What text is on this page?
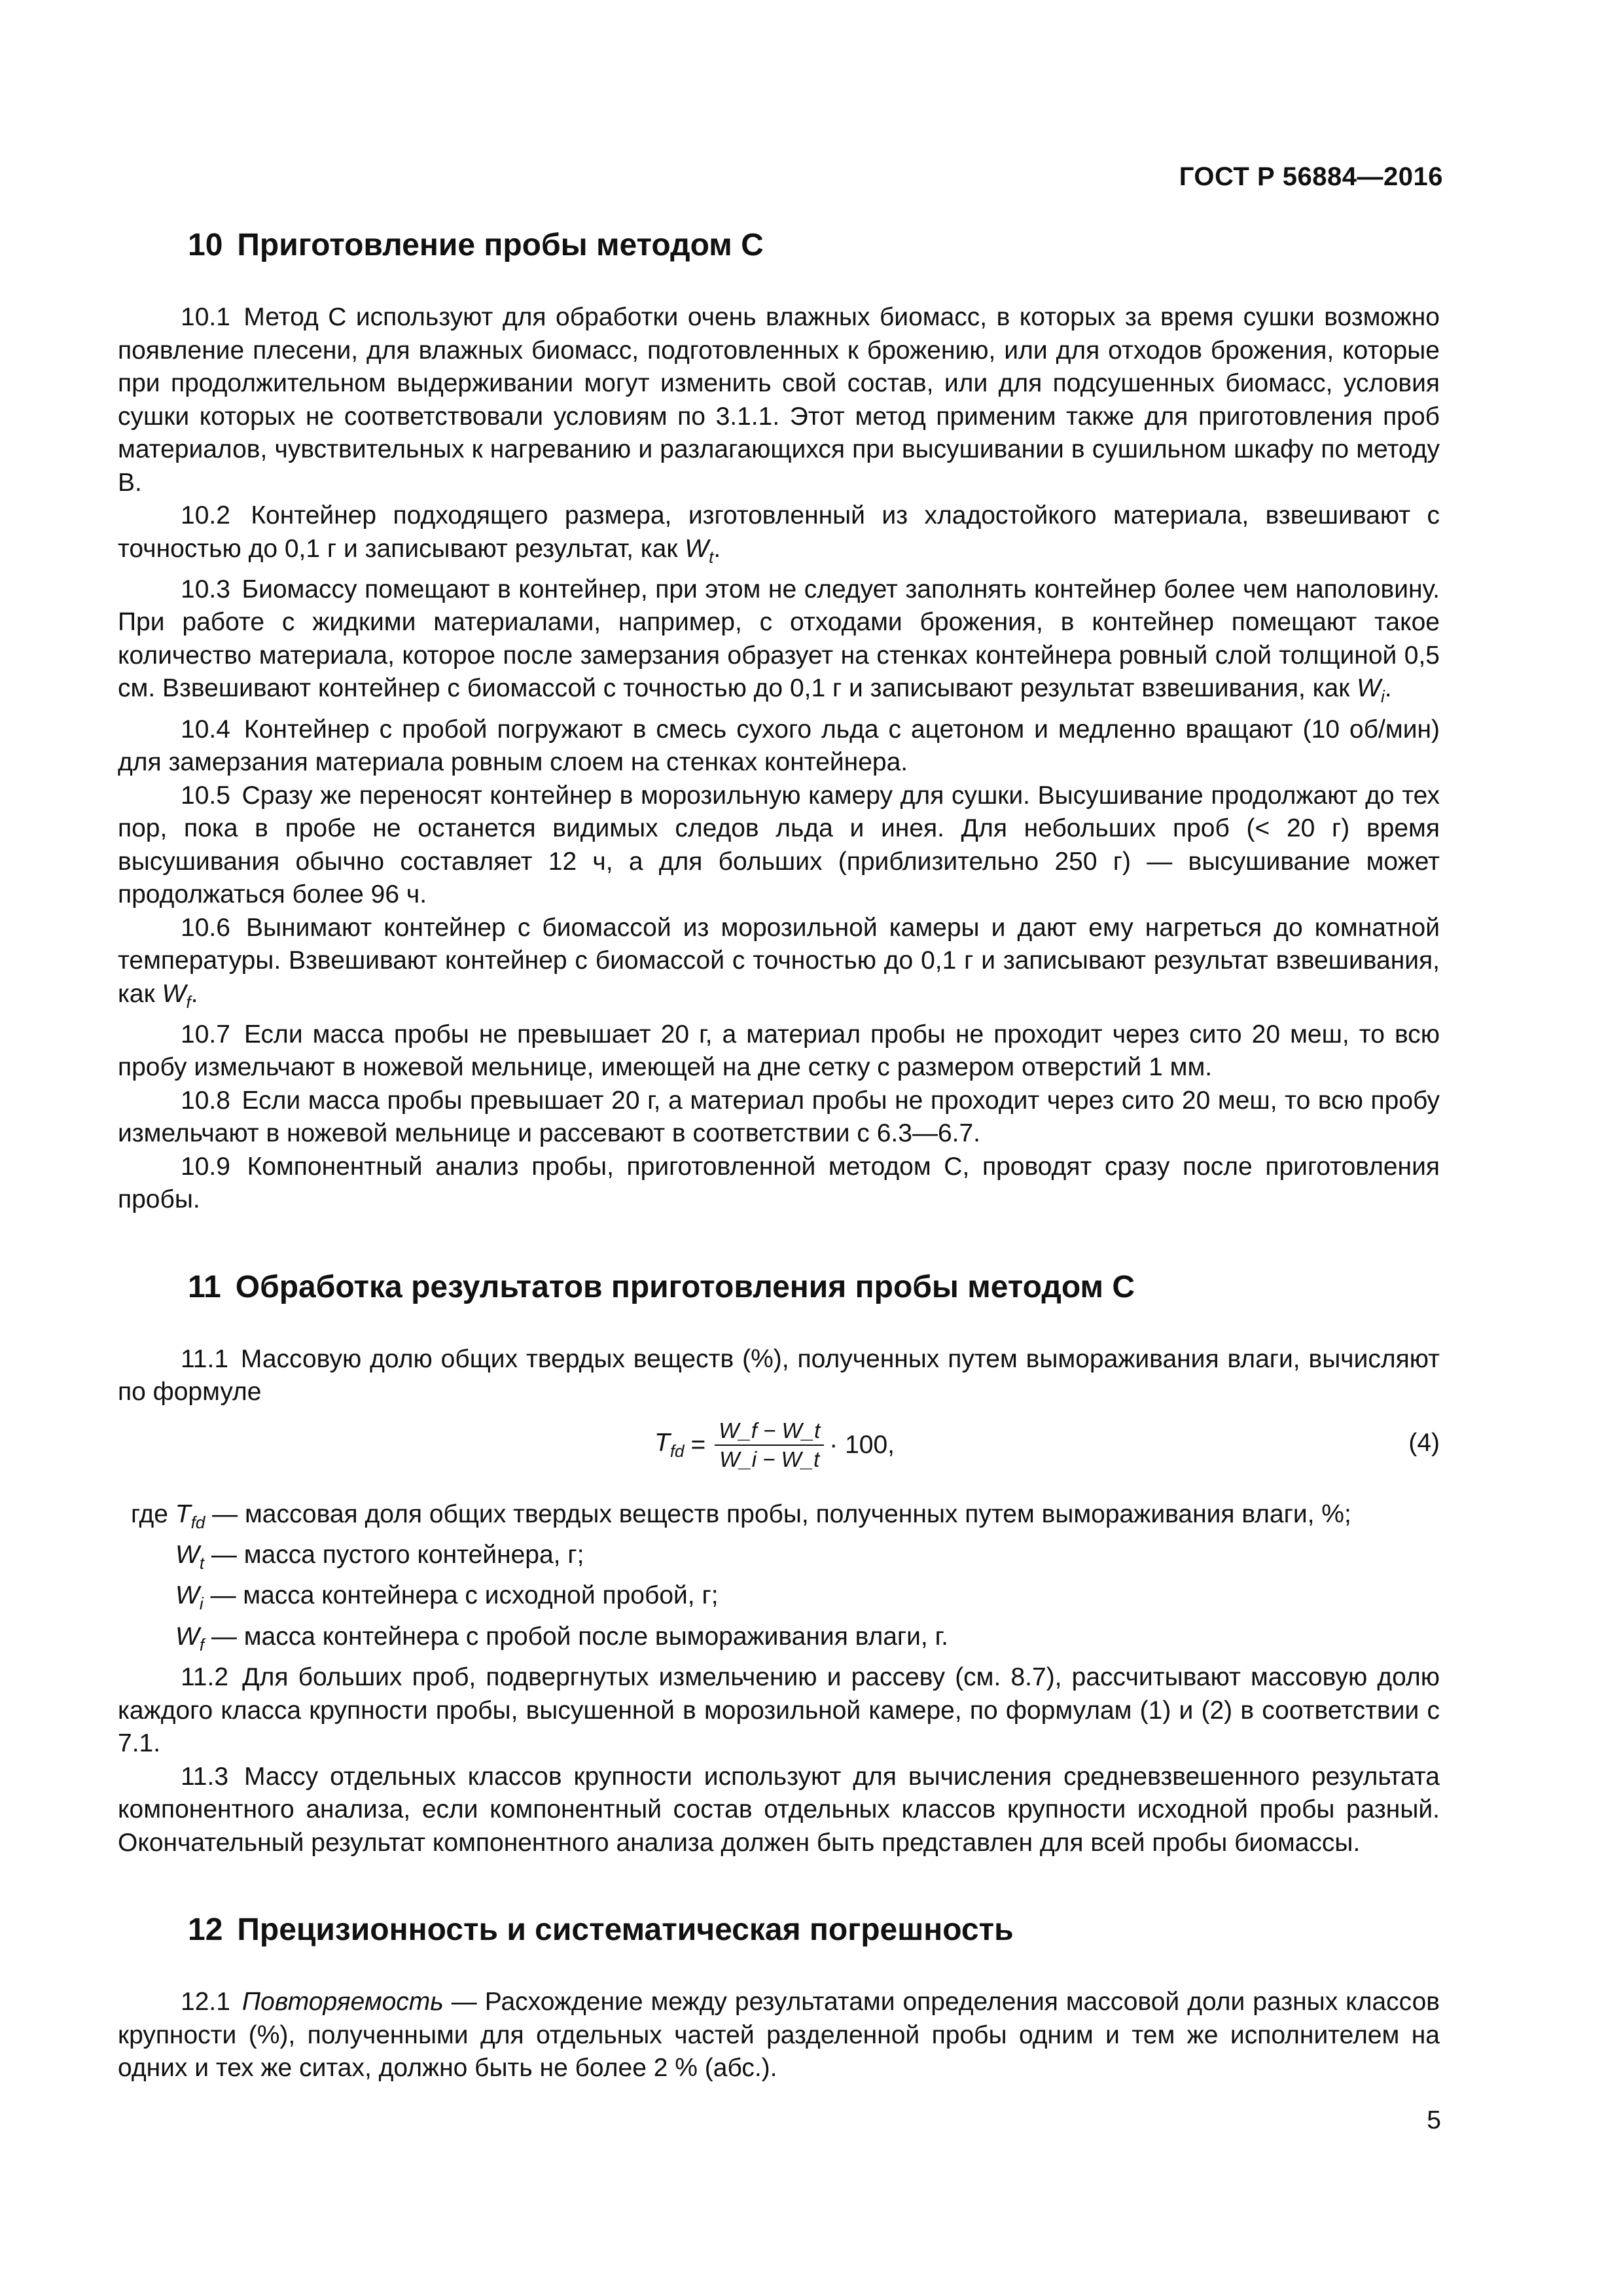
ГОСТ Р 56884—2016
10 Приготовление пробы методом С

10.1 Метод С используют для обработки очень влажных биомасс, в которых за время сушки возможно появление плесени, для влажных биомасс, подготовленных к брожению, или для отходов брожения, которые при продолжительном выдерживании могут изменить свой состав, или для подсушенных биомасс, условия сушки которых не соответствовали условиям по 3.1.1. Этот метод применим также для приготовления проб материалов, чувствительных к нагреванию и разлагающихся при высушивании в сушильном шкафу по методу В.

10.2 Контейнер подходящего размера, изготовленный из хладостойкого материала, взвешивают с точностью до 0,1 г и записывают результат, как $W_t$.

10.3 Биомассу помещают в контейнер, при этом не следует заполнять контейнер более чем наполовину. При работе с жидкими материалами, например, с отходами брожения, в контейнер помещают такое количество материала, которое после замерзания образует на стенках контейнера ровный слой толщиной 0,5 см. Взвешивают контейнер с биомассой с точностью до 0,1 г и записывают результат взвешивания, как $W_i$.

10.4 Контейнер с пробой погружают в смесь сухого льда с ацетоном и медленно вращают (10 об/мин) для замерзания материала ровным слоем на стенках контейнера.

10.5 Сразу же переносят контейнер в морозильную камеру для сушки. Высушивание продолжают до тех пор, пока в пробе не останется видимых следов льда и инея. Для небольших проб (< 20 г) время высушивания обычно составляет 12 ч, а для больших (приблизительно 250 г) — высушивание может продолжаться более 96 ч.

10.6 Вынимают контейнер с биомассой из морозильной камеры и дают ему нагреться до комнатной температуры. Взвешивают контейнер с биомассой с точностью до 0,1 г и записывают результат взвешивания, как $W_f$.

10.7 Если масса пробы не превышает 20 г, а материал пробы не проходит через сито 20 меш, то всю пробу измельчают в ножевой мельнице, имеющей на дне сетку с размером отверстий 1 мм.

10.8 Если масса пробы превышает 20 г, а материал пробы не проходит через сито 20 меш, то всю пробу измельчают в ножевой мельнице и рассевают в соответствии с 6.3—6.7.

10.9 Компонентный анализ пробы, приготовленной методом С, проводят сразу после приготовления пробы.

11 Обработка результатов приготовления пробы методом С

11.1 Массовую долю общих твердых веществ (%), полученных путем вымораживания влаги, вычисляют по формуле

$T_{fd} = \frac{W\_f - W\_t}{W\_i - W\_t} \cdot 100$,	(4)
где $T_{fd}$ — массовая доля общих твердых веществ пробы, полученных путем вымораживания влаги, %;
$W_t$ — масса пустого контейнера, г;
$W_i$ — масса контейнера с исходной пробой, г;
$W_f$ — масса контейнера с пробой после вымораживания влаги, г.

11.2 Для больших проб, подвергнутых измельчению и рассеву (см. 8.7), рассчитывают массовую долю каждого класса крупности пробы, высушенной в морозильной камере, по формулам (1) и (2) в соответствии с 7.1.

11.3 Массу отдельных классов крупности используют для вычисления средневзвешенного результата компонентного анализа, если компонентный состав отдельных классов крупности исходной пробы разный. Окончательный результат компонентного анализа должен быть представлен для всей пробы биомассы.

12 Прецизионность и систематическая погрешность

12.1 Повторяемость — Расхождение между результатами определения массовой доли разных классов крупности (%), полученными для отдельных частей разделенной пробы одним и тем же исполнителем на одних и тех же ситах, должно быть не более 2 % (абс.).

5
